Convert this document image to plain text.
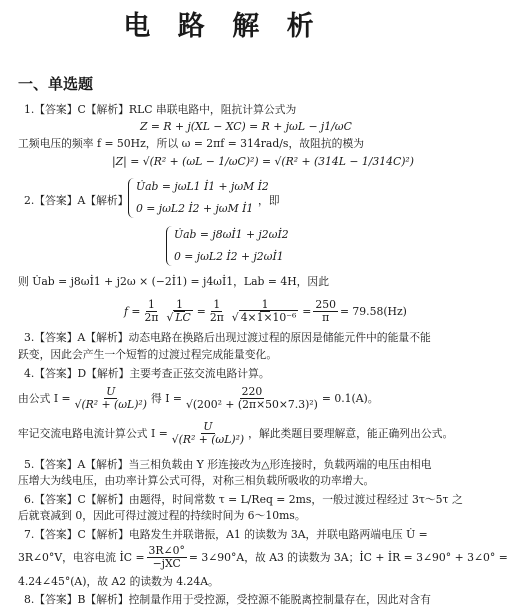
电 路 解 析
一、单选题
1.【答案】C【解析】RLC 串联电路中，阻抗计算公式为
Z = R + j(XL − XC) = R + jωL − j1/ωC
工频电压的频率 f = 50Hz，所以 ω = 2πf = 314rad/s，故阻抗的模为
|Z| = √(R² + (ωL − 1/ωC)²) = √(R² + (314L − 1/314C)²)
2.【答案】A【解析】
U̇ab = jωL1 İ1 + jωM İ2
0 = jωL2 İ2 + jωM İ1
，即
U̇ab = j8ωİ1 + j2ωİ2
0 = jωL2 İ2 + j2ωİ1
则 U̇ab = j8ωİ1 + j2ω × (−2İ1) = j4ωİ1，Lab = 4H，因此
$f = \frac{1}{2\pi} \frac{1}{√ LC} = \frac{1}{2\pi} \frac{1}{\text{√ 4×1×10⁻⁶}} = \frac{250}{\pi} = 79.58(Hz)$
3.【答案】A【解析】动态电路在换路后出现过渡过程的原因是储能元件中的能量不能
跃变，因此会产生一个短暂的过渡过程完成能量变化。
4.【答案】D【解析】主要考查正弦交流电路计算。
由公式 $I = \frac{U}{\text{√(R² + (ωL)²)}}$ 得 $I = \frac{220}{\text{√(200² + (2π×50×7.3)²)}} = 0.1(A)$。
牢记交流电路电流计算公式 $I = \frac{U}{\text{√(R² + (ωL)²)}}$ ，解此类题目要理解意，能正确列出公式。
5.【答案】A【解析】当三相负载由 Y 形连接改为△形连接时，负载两端的电压由相电
压增大为线电压，由功率计算公式可得，对称三相负载所吸收的功率增大。
6.【答案】C【解析】由题得，时间常数 τ = L/Req = 2ms，一般过渡过程经过 3τ～5τ 之
后就衰减到 0，因此可得过渡过程的持续时间为 6～10ms。
7.【答案】C【解析】电路发生并联谐振，A1 的读数为 3A，并联电路两端电压 U̇ =
3R∠0°V，电容电流 İC = $\frac{3R\angle 0^\circ}{\text{−jXC}}$ = 3∠90°A，故 A3 的读数为 3A；İC + İR = 3∠90° + 3∠0° =
4.24∠45°(A)，故 A2 的读数为 4.24A。
8.【答案】B【解析】控制量作用于受控源，受控源不能脱离控制量存在，因此对含有
